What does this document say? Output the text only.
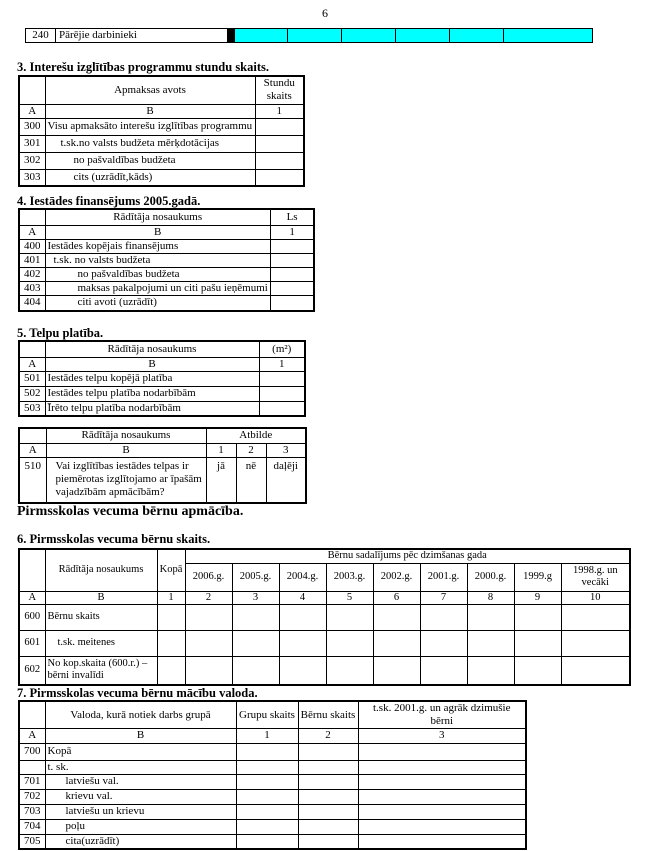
6
240 Pārējie darbinieki
3. Interešu izglītības programmu stundu skaits.
	Apmaksas avots	Stundu skaits
A	B	1
300	Visu apmaksāto interešu izglītības programmu	
301	t.sk.no valsts budžeta mērķdotācijas	
302	no pašvaldības budžeta	
303	cits (uzrādīt,kāds)	
4. Iestādes finansējums 2005.gadā.
	Rādītāja nosaukums	Ls
A	B	1
400	Iestādes kopējais finansējums	
401	t.sk. no valsts budžeta	
402	no pašvaldības budžeta	
403	maksas pakalpojumi un citi pašu ieņēmumi	
404	citi avoti (uzrādīt)	
5. Telpu platība.
	Rādītāja nosaukums	(m²)
A	B	1
501	Iestādes telpu kopējā platība	
502	Iestādes telpu platība nodarbībām	
503	Īrēto telpu platība nodarbībām	
	Rādītāja nosaukums	Atbilde		
A	B	1	2	3
510	Vai izglītības iestādes telpas ir piemērotas izglītojamo ar īpašām vajadzībām apmācībām?	jā	nē	daļēji
Pirmsskolas vecuma bērnu apmācība.
6. Pirmsskolas vecuma bērnu skaits.
	Rādītāja nosaukums	Kopā	Bērnu sadalījums pēc dzimšanas gada								
			2006.g.	2005.g.	2004.g.	2003.g.	2002.g.	2001.g.	2000.g.	1999.g	1998.g. un vecāki
A	B	1	2	3	4	5	6	7	8	9	10
600	Bērnu skaits										
601	t.sk. meitenes										
602	No kop.skaita (600.r.) – bērni invalīdi										
7. Pirmsskolas vecuma bērnu mācību valoda.
	Valoda, kurā notiek darbs grupā	Grupu skaits	Bērnu skaits	t.sk. 2001.g. un agrāk dzimušie bērni
A	B	1	2	3
700	Kopā			
	t. sk.			
701	latviešu val.			
702	krievu val.			
703	latviešu un krievu			
704	poļu			
705	cita(uzrādīt)			
